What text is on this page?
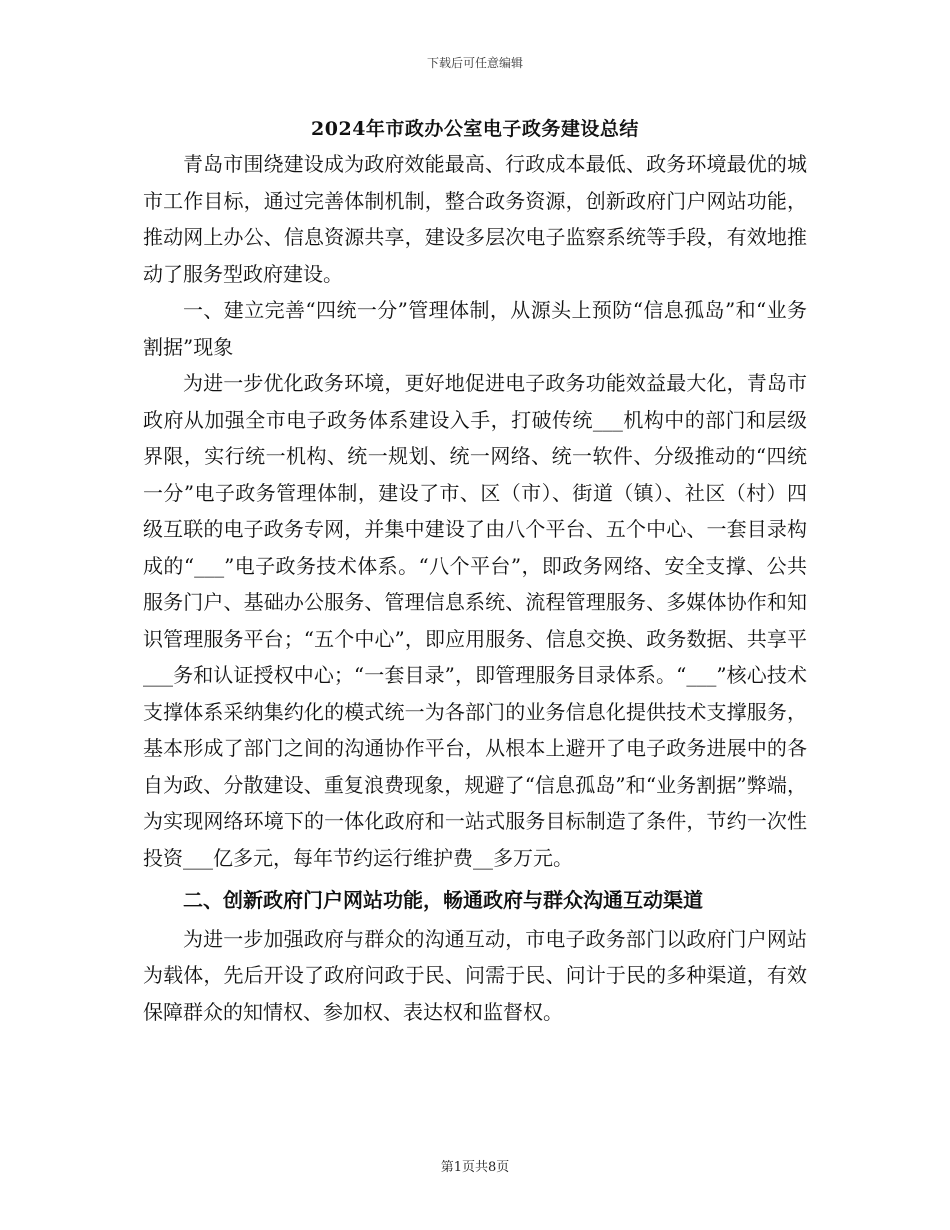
下载后可任意编辑
2024年市政办公室电子政务建设总结

青岛市围绕建设成为政府效能最高、行政成本最低、政务环境最优的城市工作目标，通过完善体制机制，整合政务资源，创新政府门户网站功能，推动网上办公、信息资源共享，建设多层次电子监察系统等手段，有效地推动了服务型政府建设。

一、建立完善“四统一分”管理体制，从源头上预防“信息孤岛”和“业务割据”现象

为进一步优化政务环境，更好地促进电子政务功能效益最大化，青岛市政府从加强全市电子政务体系建设入手，打破传统___机构中的部门和层级界限，实行统一机构、统一规划、统一网络、统一软件、分级推动的“四统一分”电子政务管理体制，建设了市、区（市）、街道（镇）、社区（村）四级互联的电子政务专网，并集中建设了由八个平台、五个中心、一套目录构成的“___”电子政务技术体系。“八个平台”，即政务网络、安全支撑、公共服务门户、基础办公服务、管理信息系统、流程管理服务、多媒体协作和知识管理服务平台；“五个中心”，即应用服务、信息交换、政务数据、共享平___务和认证授权中心；“一套目录”，即管理服务目录体系。“___”核心技术支撑体系采纳集约化的模式统一为各部门的业务信息化提供技术支撑服务，基本形成了部门之间的沟通协作平台，从根本上避开了电子政务进展中的各自为政、分散建设、重复浪费现象，规避了“信息孤岛”和“业务割据”弊端，为实现网络环境下的一体化政府和一站式服务目标制造了条件，节约一次性投资___亿多元，每年节约运行维护费__多万元。

二、创新政府门户网站功能，畅通政府与群众沟通互动渠道

为进一步加强政府与群众的沟通互动，市电子政务部门以政府门户网站为载体，先后开设了政府问政于民、问需于民、问计于民的多种渠道，有效保障群众的知情权、参加权、表达权和监督权。

第1页共8页
